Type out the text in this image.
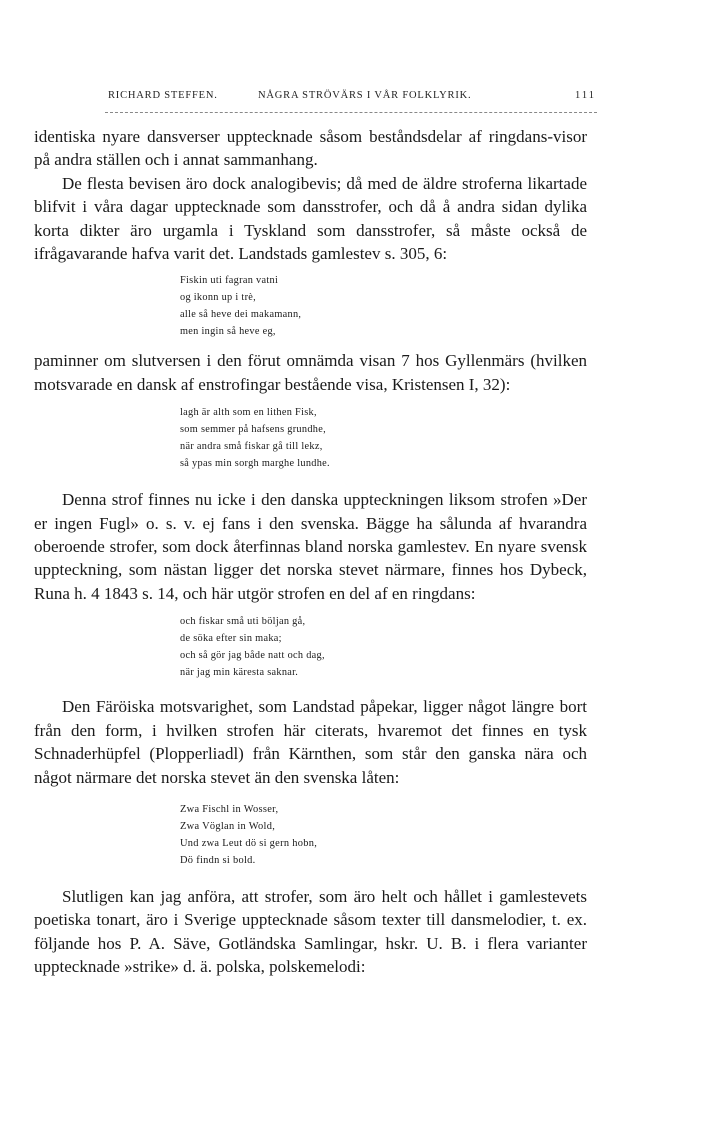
RICHARD STEFFEN.	NÅGRA STRÖVÄRS I VÅR FOLKLYRIK.	111

identiska nyare dansverser upptecknade såsom beståndsdelar af ringdans-visor på andra ställen och i annat sammanhang.

De flesta bevisen äro dock analogibevis; då med de äldre stroferna likartade blifvit i våra dagar upptecknade som dansstrofer, och då å andra sidan dylika korta dikter äro urgamla i Tyskland som dansstrofer, så måste också de ifrågavarande hafva varit det. Landstads gamlestev s. 305, 6:

Fiskin uti fagran vatni
og ikonn up i trè,
alle så heve dei makamann,
men ingin så heve eg,

paminner om slutversen i den förut omnämda visan 7 hos Gyllenmärs (hvilken motsvarade en dansk af enstrofingar bestående visa, Kristensen I, 32):

lagh är alth som en lithen Fisk,
som semmer på hafsens grundhe,
när andra små fiskar gå till lekz,
så ypas min sorgh marghe lundhe.

Denna strof finnes nu icke i den danska uppteckningen liksom strofen »Der er ingen Fugl» o. s. v. ej fans i den svenska. Bägge ha sålunda af hvarandra oberoende strofer, som dock återfinnas bland norska gamlestev. En nyare svensk uppteckning, som nästan ligger det norska stevet närmare, finnes hos Dybeck, Runa h. 4 1843 s. 14, och här utgör strofen en del af en ringdans:

och fiskar små uti böljan gå,
de söka efter sin maka;
och så gör jag både natt och dag,
när jag min käresta saknar.

Den Färöiska motsvarighet, som Landstad påpekar, ligger något längre bort från den form, i hvilken strofen här citerats, hvaremot det finnes en tysk Schnaderhüpfel (Plopperliadl) från Kärnthen, som står den ganska nära och något närmare det norska stevet än den svenska låten:

Zwa Fischl in Wosser,
Zwa Vöglan in Wold,
Und zwa Leut dö si gern hobn,
Dö findn si bold.

Slutligen kan jag anföra, att strofer, som äro helt och hållet i gamlestevets poetiska tonart, äro i Sverige upptecknade såsom texter till dansmelodier, t. ex. följande hos P. A. Säve, Gotländska Samlingar, hskr. U. B. i flera varianter upptecknade »strike» d. ä. polska, polskemelodi:
